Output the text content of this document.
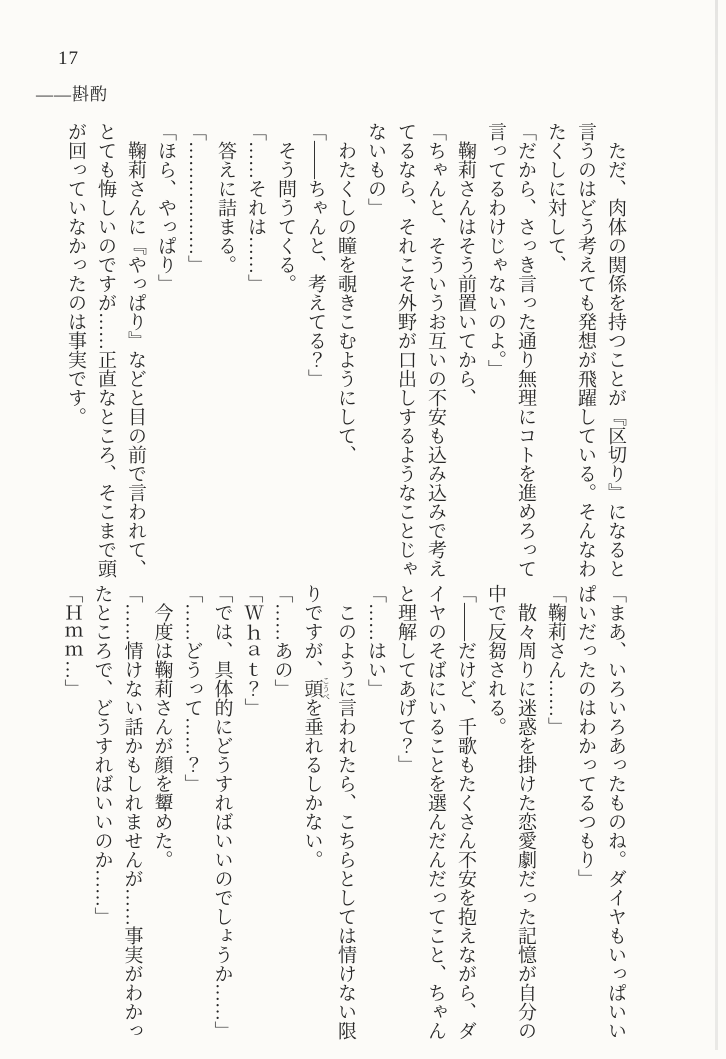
17
――斟酌
　ただ、肉体の関係を持つことが『区切り』になると
言うのはどう考えても発想が飛躍している。そんなわ
たくしに対して、
「だから、さっき言った通り無理にコトを進めろって
言ってるわけじゃないのよ。」
　鞠莉さんはそう前置いてから、
「ちゃんと、そういうお互いの不安も込み込みで考え
てるなら、それこそ外野が口出しするようなことじゃ
ないもの」
　わたくしの瞳を覗きこむようにして、
「――ちゃんと、考えてる？」
　そう問うてくる。
「……それは……」
　答えに詰まる。
「………………」
「ほら、やっぱり」
　鞠莉さんに『やっぱり』などと目の前で言われて、
とても悔しいのですが……正直なところ、そこまで頭
が回っていなかったのは事実です。
「まあ、いろいろあったものね。ダイヤもいっぱいい
ぱいだったのはわかってるつもり」
「鞠莉さん……」
　散々周りに迷惑を掛けた恋愛劇だった記憶が自分の
中で反芻される。
「――だけど、千歌もたくさん不安を抱えながら、ダ
イヤのそばにいることを選んだんだってこと、ちゃん
と理解してあげて？」
「……はい」
　このように言われたら、こちらとしては情けない限
りですが、頭 こうべを垂れるしかない。
「……あの」
「Ｗｈａｔ？」
「では、具体的にどうすればいいのでしょうか……」
「……どうって……？」
　今度は鞠莉さんが顔を顰めた。
「……情けない話かもしれませんが……事実がわかっ
たところで、どうすればいいのか……」
「Ｈｍｍ…」
